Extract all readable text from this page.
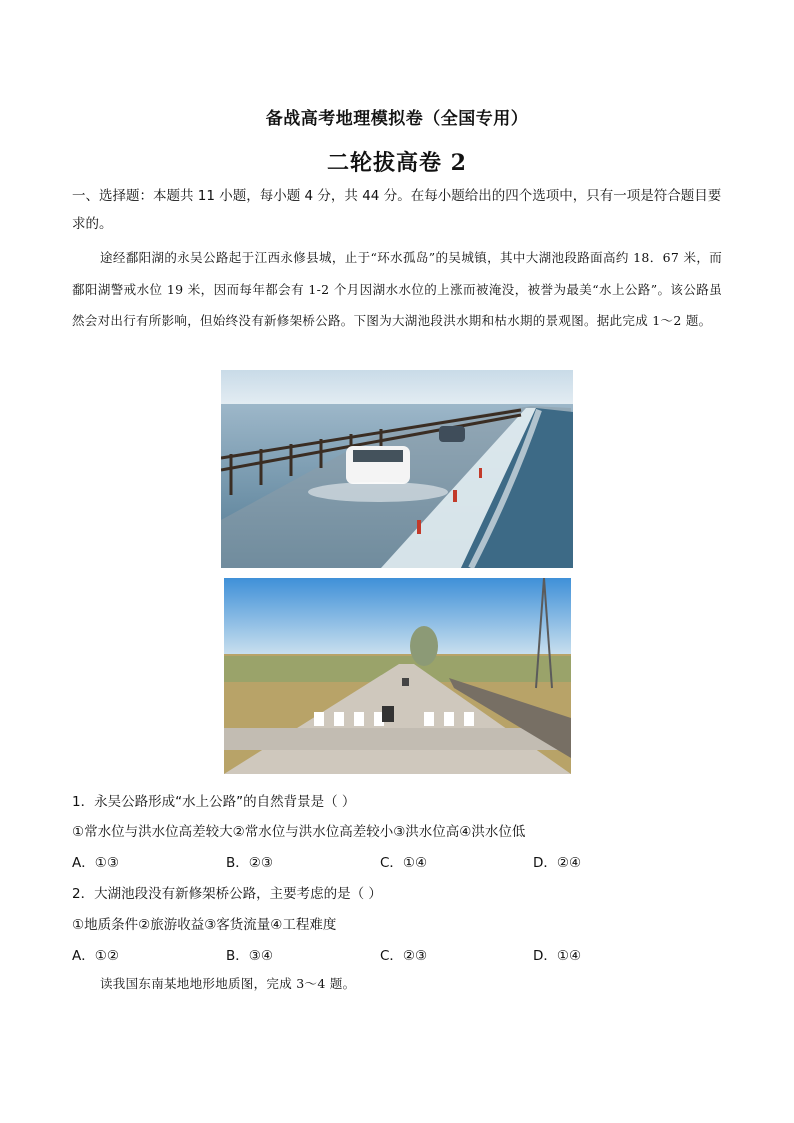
备战高考地理模拟卷（全国专用）
二轮拔高卷 2
一、选择题：本题共 11 小题，每小题 4 分，共 44 分。在每小题给出的四个选项中，只有一项是符合题目要求的。
途经鄱阳湖的永吴公路起于江西永修县城，止于“环水孤岛”的吴城镇，其中大湖池段路面高约 18．67 米，而鄱阳湖警戒水位 19 米，因而每年都会有 1-2 个月因湖水水位的上涨而被淹没，被誉为最美“水上公路”。该公路虽然会对出行有所影响，但始终没有新修架桥公路。下图为大湖池段洪水期和枯水期的景观图。据此完成 1～2 题。
1．永吴公路形成“水上公路”的自然背景是（ ）
①常水位与洪水位高差较大②常水位与洪水位高差较小③洪水位高④洪水位低
A．①③	B．②③	C．①④	D．②④
2．大湖池段没有新修架桥公路，主要考虑的是（ ）
①地质条件②旅游收益③客货流量④工程难度
A．①②	B．③④	C．②③	D．①④
读我国东南某地地形地质图，完成 3～4 题。
